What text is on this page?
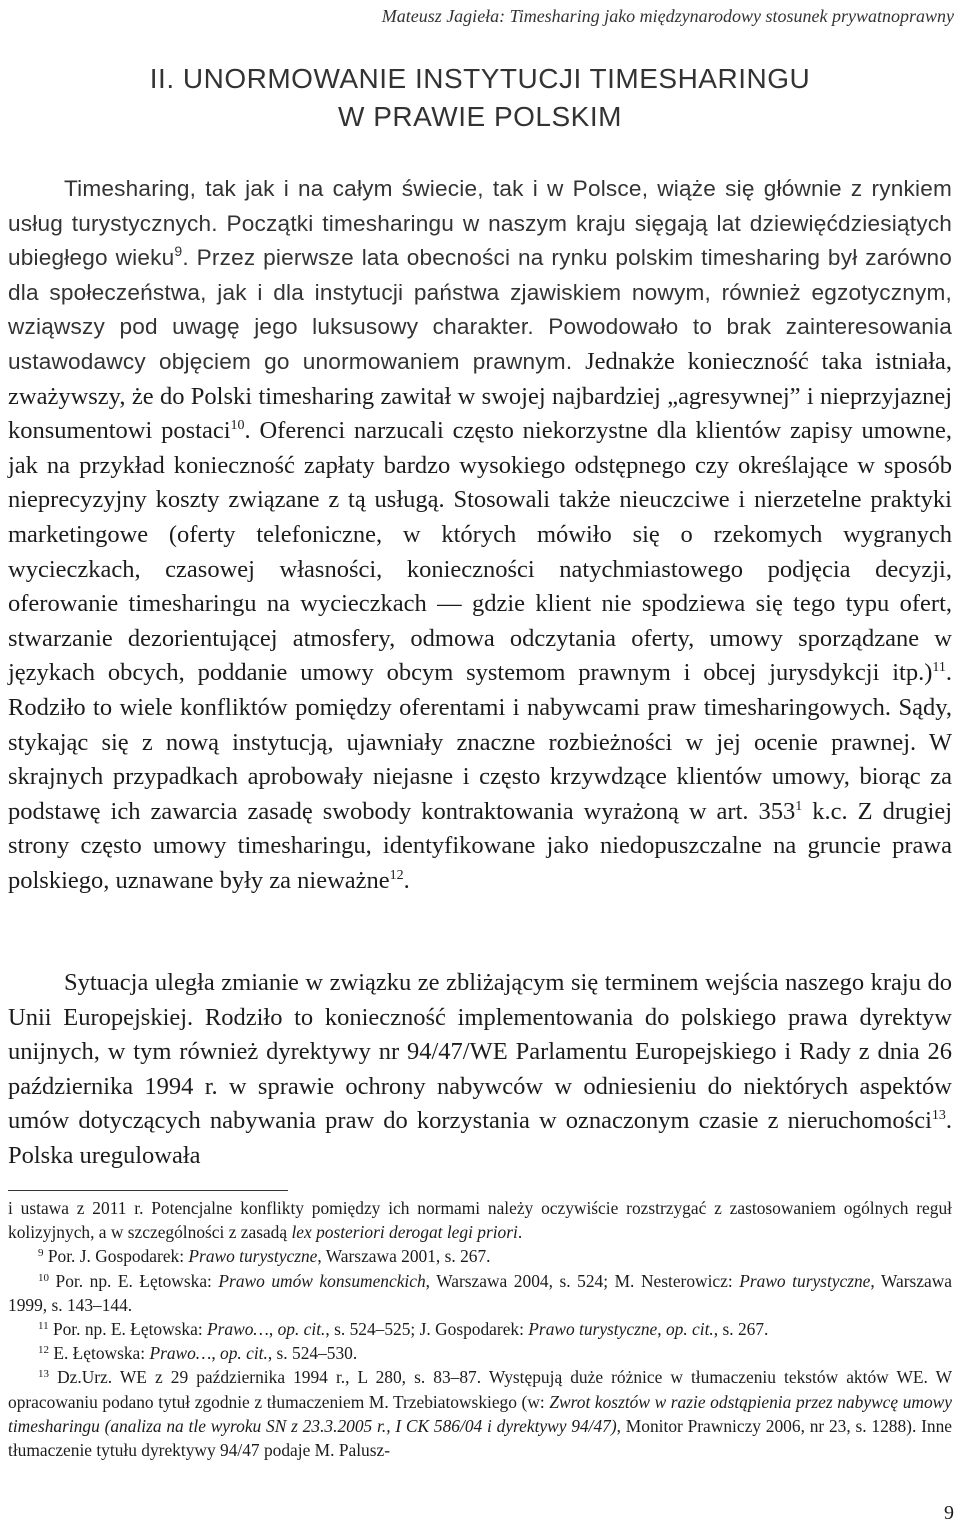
Mateusz Jagieła: Timesharing jako międzynarodowy stosunek prywatnoprawny
II. UNORMOWANIE INSTYTUCJI TIMESHARINGU
W PRAWIE POLSKIM

Timesharing, tak jak i na całym świecie, tak i w Polsce, wiąże się głównie z rynkiem usług turystycznych. Początki timesharingu w naszym kraju sięgają lat dziewięćdziesiątych ubiegłego wieku$^9$. Przez pierwsze lata obecności na rynku polskim timesharing był zarówno dla społeczeństwa, jak i dla instytucji państwa zjawiskiem nowym, również egzotycznym, wziąwszy pod uwagę jego luksusowy charakter. Powodowało to brak zainteresowania ustawodawcy objęciem go unormowaniem prawnym. Jednakże konieczność taka istniała, zważywszy, że do Polski timesharing zawitał w swojej najbardziej „agresywnej” i nieprzyjaznej konsumentowi postaci$^{10}$. Oferenci narzucali często niekorzystne dla klientów zapisy umowne, jak na przykład konieczność zapłaty bardzo wysokiego odstępnego czy określające w sposób nieprecyzyjny koszty związane z tą usługą. Stosowali także nieuczciwe i nierzetelne praktyki marketingowe (oferty telefoniczne, w których mówiło się o rzekomych wygranych wycieczkach, czasowej własności, konieczności natychmiastowego podjęcia decyzji, oferowanie timesharingu na wycieczkach — gdzie klient nie spodziewa się tego typu ofert, stwarzanie dezorientującej atmosfery, odmowa odczytania oferty, umowy sporządzane w językach obcych, poddanie umowy obcym systemom prawnym i obcej jurysdykcji itp.)$^{11}$. Rodziło to wiele konfliktów pomiędzy oferentami i nabywcami praw timesharingowych. Sądy, stykając się z nową instytucją, ujawniały znaczne rozbieżności w jej ocenie prawnej. W skrajnych przypadkach aprobowały niejasne i często krzywdzące klientów umowy, biorąc za podstawę ich zawarcia zasadę swobody kontraktowania wyrażoną w art. $353^1$ k.c. Z drugiej strony często umowy timesharingu, identyfikowane jako niedopuszczalne na gruncie prawa polskiego, uznawane były za nieważne$^{12}$.

Sytuacja uległa zmianie w związku ze zbliżającym się terminem wejścia naszego kraju do Unii Europejskiej. Rodziło to konieczność implementowania do polskiego prawa dyrektyw unijnych, w tym również dyrektywy nr 94/47/WE Parlamentu Europejskiego i Rady z dnia 26 października 1994 r. w sprawie ochrony nabywców w odniesieniu do niektórych aspektów umów dotyczących nabywania praw do korzystania w oznaczonym czasie z nieruchomości$^{13}$. Polska uregulowała

i ustawa z 2011 r. Potencjalne konflikty pomiędzy ich normami należy oczywiście rozstrzygać z zastosowaniem ogólnych reguł kolizyjnych, a w szczególności z zasadą lex posteriori derogat legi priori.

$^9$ Por. J. Gospodarek: Prawo turystyczne, Warszawa 2001, s. 267.

$^{10}$ Por. np. E. Łętowska: Prawo umów konsumenckich, Warszawa 2004, s. 524; M. Nesterowicz: Prawo turystyczne, Warszawa 1999, s. 143–144.

$^{11}$ Por. np. E. Łętowska: Prawo…, op. cit., s. 524–525; J. Gospodarek: Prawo turystyczne, op. cit., s. 267.

$^{12}$ E. Łętowska: Prawo…, op. cit., s. 524–530.

$^{13}$ Dz.Urz. WE z 29 października 1994 r., L 280, s. 83–87. Występują duże różnice w tłumaczeniu tekstów aktów WE. W opracowaniu podano tytuł zgodnie z tłumaczeniem M. Trzebiatowskiego (w: Zwrot kosztów w razie odstąpienia przez nabywcę umowy timesharingu (analiza na tle wyroku SN z 23.3.2005 r., I CK 586/04 i dyrektywy 94/47), Monitor Prawniczy 2006, nr 23, s. 1288). Inne tłumaczenie tytułu dyrektywy 94/47 podaje M. Palusz-

9
